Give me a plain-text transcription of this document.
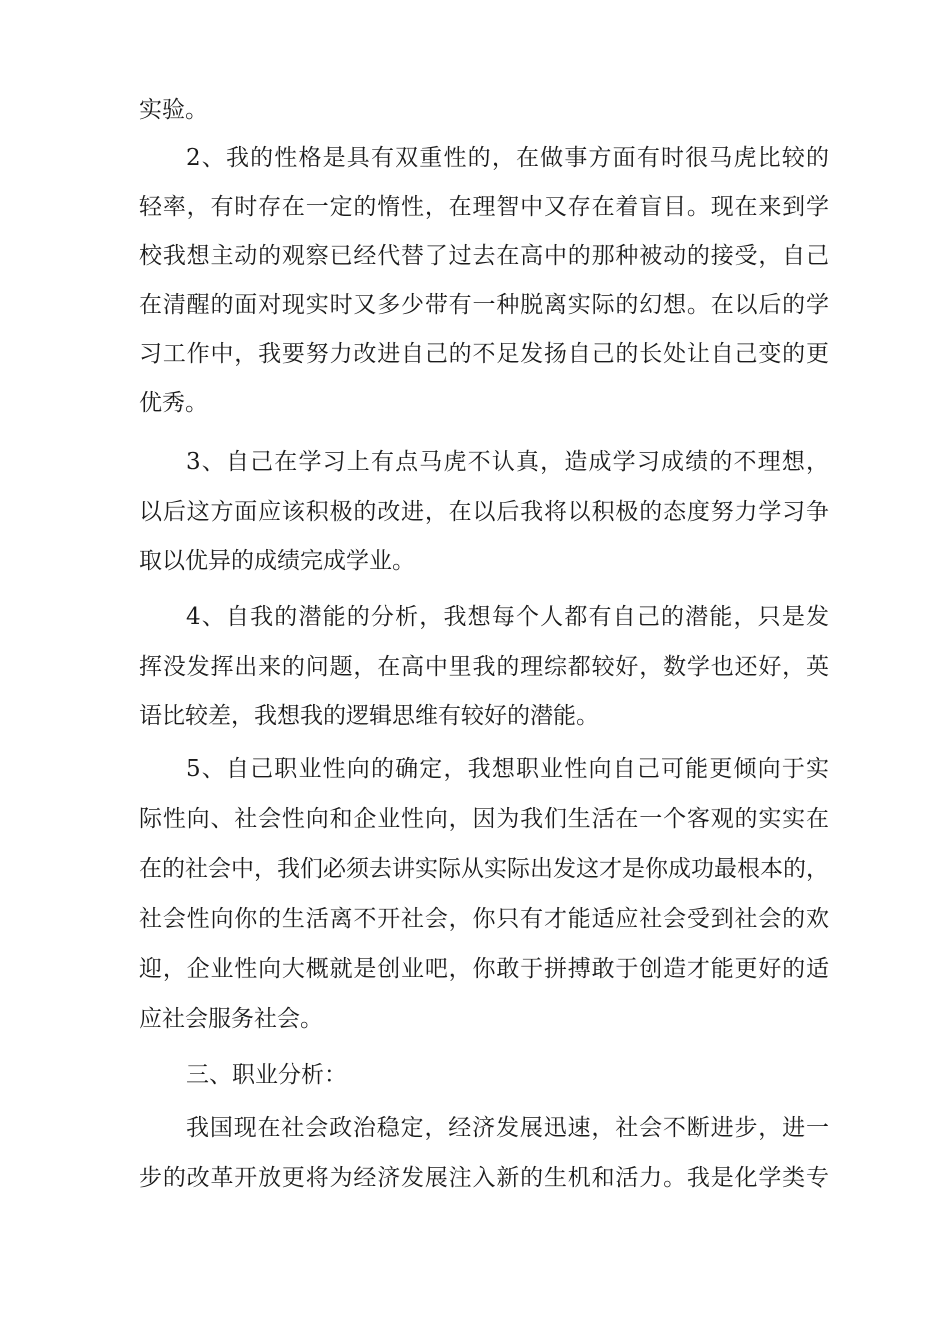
实验。
2、我的性格是具有双重性的，在做事方面有时很马虎比较的
轻率，有时存在一定的惰性，在理智中又存在着盲目。现在来到学
校我想主动的观察已经代替了过去在高中的那种被动的接受，自己
在清醒的面对现实时又多少带有一种脱离实际的幻想。在以后的学
习工作中，我要努力改进自己的不足发扬自己的长处让自己变的更
优秀。
3、自己在学习上有点马虎不认真，造成学习成绩的不理想，
以后这方面应该积极的改进，在以后我将以积极的态度努力学习争
取以优异的成绩完成学业。
4、自我的潜能的分析，我想每个人都有自己的潜能，只是发
挥没发挥出来的问题，在高中里我的理综都较好，数学也还好，英
语比较差，我想我的逻辑思维有较好的潜能。
5、自己职业性向的确定，我想职业性向自己可能更倾向于实
际性向、社会性向和企业性向，因为我们生活在一个客观的实实在
在的社会中，我们必须去讲实际从实际出发这才是你成功最根本的，
社会性向你的生活离不开社会，你只有才能适应社会受到社会的欢
迎，企业性向大概就是创业吧，你敢于拼搏敢于创造才能更好的适
应社会服务社会。
三、职业分析：
我国现在社会政治稳定，经济发展迅速，社会不断进步，进一
步的改革开放更将为经济发展注入新的生机和活力。我是化学类专
